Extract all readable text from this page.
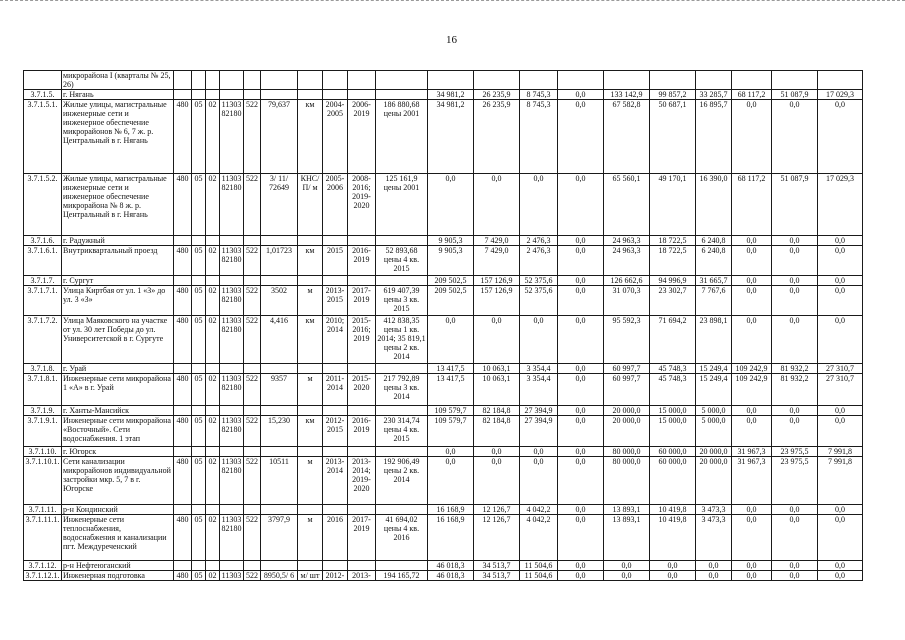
16
	микрорайона I (кварталы № 25, 26)																				
3.7.1.5.	г. Нягань											34 981,2	26 235,9	8 745,3	0,0	133 142,9	99 857,2	33 285,7	68 117,2	51 087,9	17 029,3
3.7.1.5.1.	Жилые улицы, магистральные инженерные сети и инженерное обеспечение микрорайонов № 6, 7 ж. р. Центральный в г. Нягань	480	05	02	11303 82180	522	79,637	км	2004-2005	2006-2019	186 880,68 цены 2001	34 981,2	26 235,9	8 745,3	0,0	67 582,8	50 687,1	16 895,7	0,0	0,0	0,0
3.7.1.5.2.	Жилые улицы, магистральные инженерные сети и инженерное обеспечение микрорайона № 8 ж. р. Центральный в г. Нягань	480	05	02	11303 82180	522	3/ 11/ 72649	КНС/ П/ м	2005-2006	2008-2016; 2019-2020	125 161,9 цены 2001	0,0	0,0	0,0	0,0	65 560,1	49 170,1	16 390,0	68 117,2	51 087,9	17 029,3
3.7.1.6.	г. Радужный											9 905,3	7 429,0	2 476,3	0,0	24 963,3	18 722,5	6 240,8	0,0	0,0	0,0
3.7.1.6.1.	Внутриквартальный проезд	480	05	02	11303 82180	522	1,01723	км	2015	2016-2019	52 893,68 цены 4 кв. 2015	9 905,3	7 429,0	2 476,3	0,0	24 963,3	18 722,5	6 240,8	0,0	0,0	0,0
3.7.1.7.	г. Сургут											209 502,5	157 126,9	52 375,6	0,0	126 662,6	94 996,9	31 665,7	0,0	0,0	0,0
3.7.1.7.1.	Улица Киртбая от ул. 1 «З» до ул. 3 «З»	480	05	02	11303 82180	522	3502	м	2013-2015	2017-2019	619 407,39 цены 3 кв. 2015	209 502,5	157 126,9	52 375,6	0,0	31 070,3	23 302,7	7 767,6	0,0	0,0	0,0
3.7.1.7.2.	Улица Маяковского на участке от ул. 30 лет Победы до ул. Университетской в г. Сургуте	480	05	02	11303 82180	522	4,416	км	2010; 2014	2015-2016; 2019	412 838,35 цены 1 кв. 2014; 35 819,1 цены 2 кв. 2014	0,0	0,0	0,0	0,0	95 592,3	71 694,2	23 898,1	0,0	0,0	0,0
3.7.1.8.	г. Урай											13 417,5	10 063,1	3 354,4	0,0	60 997,7	45 748,3	15 249,4	109 242,9	81 932,2	27 310,7
3.7.1.8.1.	Инженерные сети микрорайона 1 «А» в г. Урай	480	05	02	11303 82180	522	9357	м	2011-2014	2015-2020	217 792,89 цены 3 кв. 2014	13 417,5	10 063,1	3 354,4	0,0	60 997,7	45 748,3	15 249,4	109 242,9	81 932,2	27 310,7
3.7.1.9.	г. Ханты-Мансийск											109 579,7	82 184,8	27 394,9	0,0	20 000,0	15 000,0	5 000,0	0,0	0,0	0,0
3.7.1.9.1.	Инженерные сети микрорайона «Восточный». Сети водоснабжения. 1 этап	480	05	02	11303 82180	522	15,230	км	2012-2015	2016-2019	230 314,74 цены 4 кв. 2015	109 579,7	82 184,8	27 394,9	0,0	20 000,0	15 000,0	5 000,0	0,0	0,0	0,0
3.7.1.10.	г. Югорск											0,0	0,0	0,0	0,0	80 000,0	60 000,0	20 000,0	31 967,3	23 975,5	7 991,8
3.7.1.10.1.	Сети канализации микрорайонов индивидуальной застройки мкр. 5, 7 в г. Югорске	480	05	02	11303 82180	522	10511	м	2013-2014	2013-2014; 2019-2020	192 906,49 цены 2 кв. 2014	0,0	0,0	0,0	0,0	80 000,0	60 000,0	20 000,0	31 967,3	23 975,5	7 991,8
3.7.1.11.	р-н Кондинский											16 168,9	12 126,7	4 042,2	0,0	13 893,1	10 419,8	3 473,3	0,0	0,0	0,0
3.7.1.11.1.	Инженерные сети теплоснабжения, водоснабжения и канализации пгт. Междуреченский	480	05	02	11303 82180	522	3797,9	м	2016	2017-2019	41 694,02 цены 4 кв. 2016	16 168,9	12 126,7	4 042,2	0,0	13 893,1	10 419,8	3 473,3	0,0	0,0	0,0
3.7.1.12.	р-н Нефтеюганский											46 018,3	34 513,7	11 504,6	0,0	0,0	0,0	0,0	0,0	0,0	0,0
3.7.1.12.1.	Инженерная подготовка	480	05	02	11303	522	8950,5/ 6	м/ шт	2012-	2013-	194 165,72	46 018,3	34 513,7	11 504,6	0,0	0,0	0,0	0,0	0,0	0,0	0,0
